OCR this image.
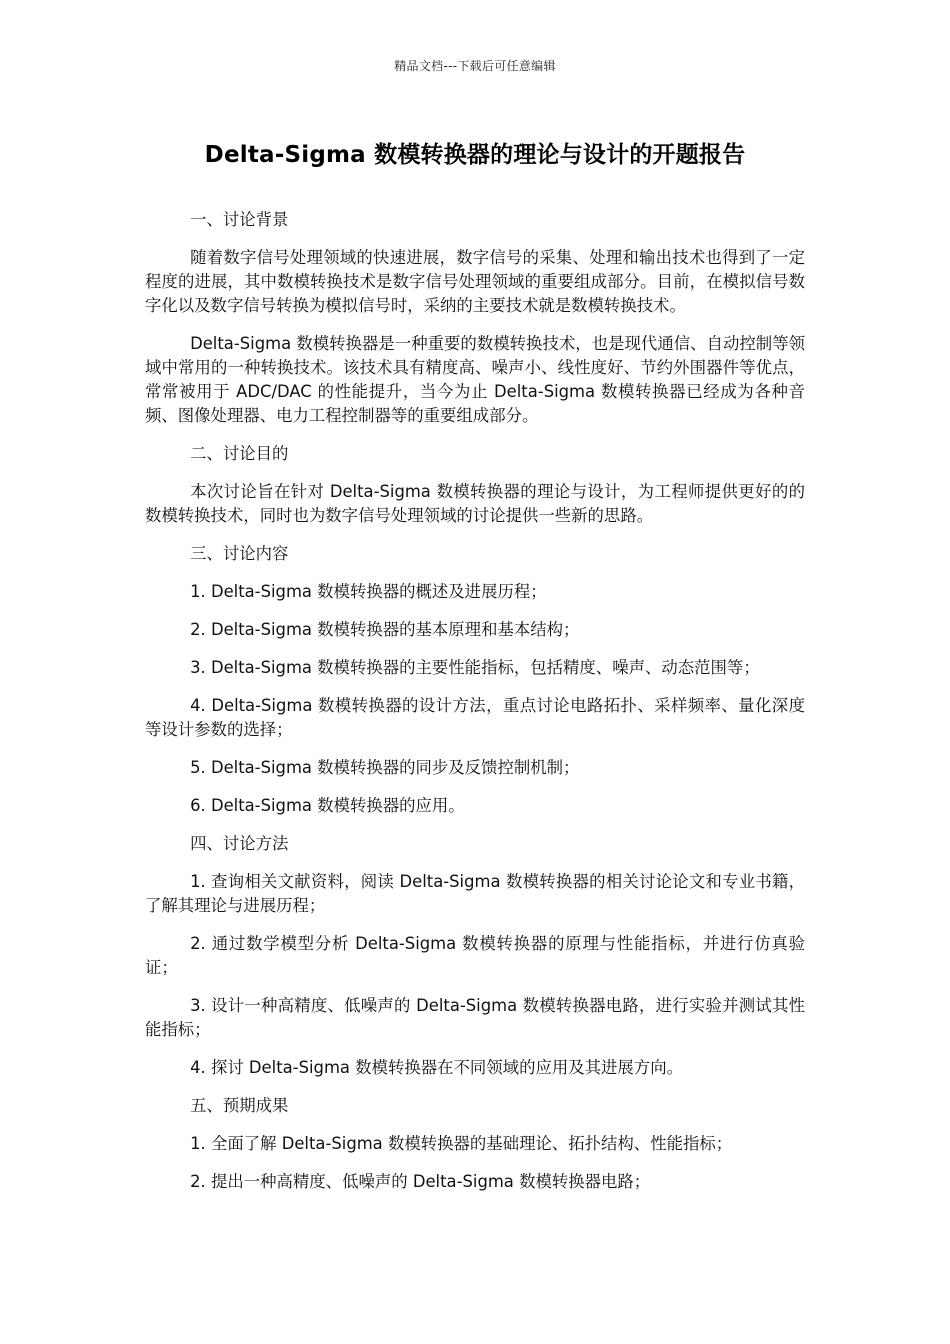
精品文档---下载后可任意编辑
Delta-Sigma 数模转换器的理论与设计的开题报告

一、讨论背景

随着数字信号处理领域的快速进展，数字信号的采集、处理和输出技术也得到了一定程度的进展，其中数模转换技术是数字信号处理领域的重要组成部分。目前，在模拟信号数字化以及数字信号转换为模拟信号时，采纳的主要技术就是数模转换技术。

Delta-Sigma 数模转换器是一种重要的数模转换技术，也是现代通信、自动控制等领域中常用的一种转换技术。该技术具有精度高、噪声小、线性度好、节约外围器件等优点，常常被用于 ADC/DAC 的性能提升，当今为止 Delta-Sigma 数模转换器已经成为各种音频、图像处理器、电力工程控制器等的重要组成部分。

二、讨论目的

本次讨论旨在针对 Delta-Sigma 数模转换器的理论与设计，为工程师提供更好的的数模转换技术，同时也为数字信号处理领域的讨论提供一些新的思路。

三、讨论内容

1. Delta-Sigma 数模转换器的概述及进展历程；

2. Delta-Sigma 数模转换器的基本原理和基本结构；

3. Delta-Sigma 数模转换器的主要性能指标，包括精度、噪声、动态范围等；

4. Delta-Sigma 数模转换器的设计方法，重点讨论电路拓扑、采样频率、量化深度等设计参数的选择；

5. Delta-Sigma 数模转换器的同步及反馈控制机制；

6. Delta-Sigma 数模转换器的应用。

四、讨论方法

1. 查询相关文献资料，阅读 Delta-Sigma 数模转换器的相关讨论论文和专业书籍，了解其理论与进展历程；

2. 通过数学模型分析 Delta-Sigma 数模转换器的原理与性能指标，并进行仿真验证；

3. 设计一种高精度、低噪声的 Delta-Sigma 数模转换器电路，进行实验并测试其性能指标；

4. 探讨 Delta-Sigma 数模转换器在不同领域的应用及其进展方向。

五、预期成果

1. 全面了解 Delta-Sigma 数模转换器的基础理论、拓扑结构、性能指标；

2. 提出一种高精度、低噪声的 Delta-Sigma 数模转换器电路；
